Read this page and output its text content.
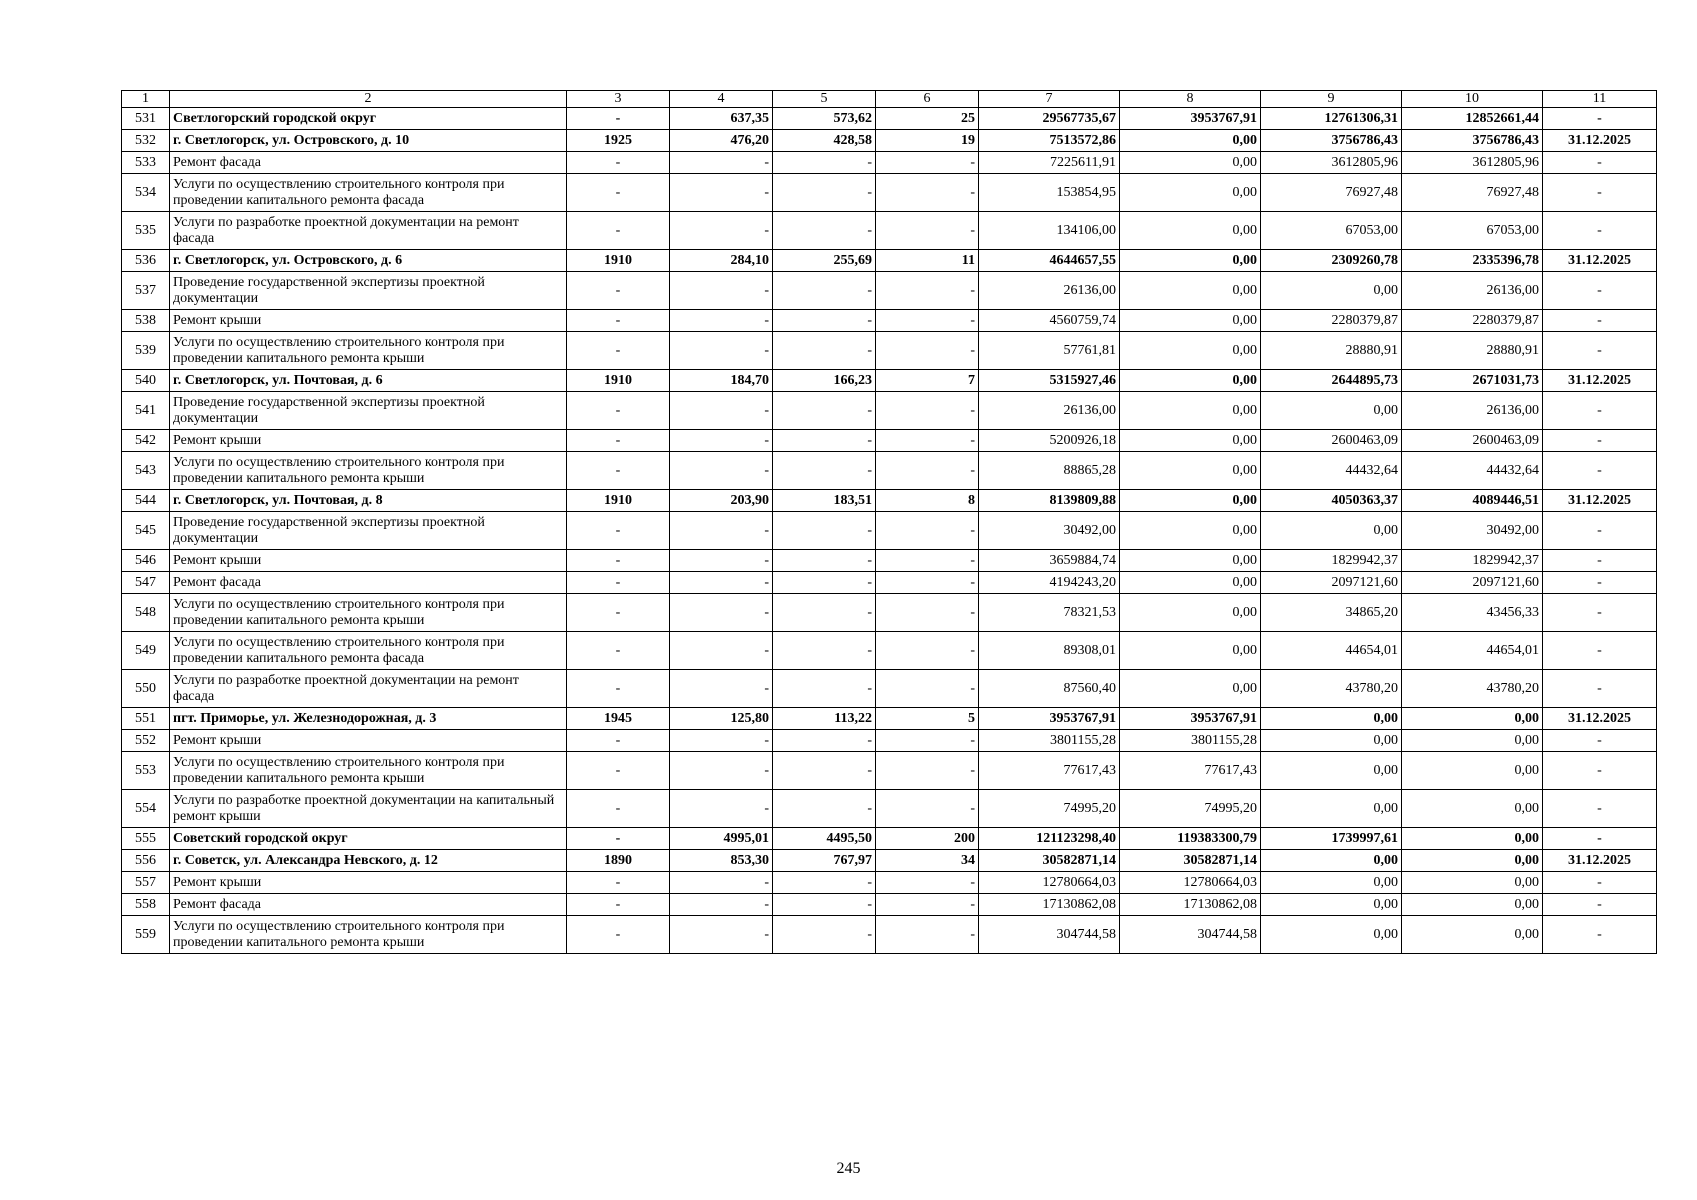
1	2	3	4	5	6	7	8	9	10	11
531	Светлогорский городской округ	-	637,35	573,62	25	29567735,67	3953767,91	12761306,31	12852661,44	-
532	г. Светлогорск, ул. Островского, д. 10	1925	476,20	428,58	19	7513572,86	0,00	3756786,43	3756786,43	31.12.2025
533	Ремонт фасада	-	-	-	-	7225611,91	0,00	3612805,96	3612805,96	-
534	Услуги по осуществлению строительного контроля при проведении капитального ремонта фасада	-	-	-	-	153854,95	0,00	76927,48	76927,48	-
535	Услуги по разработке проектной документации на ремонт фасада	-	-	-	-	134106,00	0,00	67053,00	67053,00	-
536	г. Светлогорск, ул. Островского, д. 6	1910	284,10	255,69	11	4644657,55	0,00	2309260,78	2335396,78	31.12.2025
537	Проведение государственной экспертизы проектной документации	-	-	-	-	26136,00	0,00	0,00	26136,00	-
538	Ремонт крыши	-	-	-	-	4560759,74	0,00	2280379,87	2280379,87	-
539	Услуги по осуществлению строительного контроля при проведении капитального ремонта крыши	-	-	-	-	57761,81	0,00	28880,91	28880,91	-
540	г. Светлогорск, ул. Почтовая, д. 6	1910	184,70	166,23	7	5315927,46	0,00	2644895,73	2671031,73	31.12.2025
541	Проведение государственной экспертизы проектной документации	-	-	-	-	26136,00	0,00	0,00	26136,00	-
542	Ремонт крыши	-	-	-	-	5200926,18	0,00	2600463,09	2600463,09	-
543	Услуги по осуществлению строительного контроля при проведении капитального ремонта крыши	-	-	-	-	88865,28	0,00	44432,64	44432,64	-
544	г. Светлогорск, ул. Почтовая, д. 8	1910	203,90	183,51	8	8139809,88	0,00	4050363,37	4089446,51	31.12.2025
545	Проведение государственной экспертизы проектной документации	-	-	-	-	30492,00	0,00	0,00	30492,00	-
546	Ремонт крыши	-	-	-	-	3659884,74	0,00	1829942,37	1829942,37	-
547	Ремонт фасада	-	-	-	-	4194243,20	0,00	2097121,60	2097121,60	-
548	Услуги по осуществлению строительного контроля при проведении капитального ремонта крыши	-	-	-	-	78321,53	0,00	34865,20	43456,33	-
549	Услуги по осуществлению строительного контроля при проведении капитального ремонта фасада	-	-	-	-	89308,01	0,00	44654,01	44654,01	-
550	Услуги по разработке проектной документации на ремонт фасада	-	-	-	-	87560,40	0,00	43780,20	43780,20	-
551	пгт. Приморье, ул. Железнодорожная, д. 3	1945	125,80	113,22	5	3953767,91	3953767,91	0,00	0,00	31.12.2025
552	Ремонт крыши	-	-	-	-	3801155,28	3801155,28	0,00	0,00	-
553	Услуги по осуществлению строительного контроля при проведении капитального ремонта крыши	-	-	-	-	77617,43	77617,43	0,00	0,00	-
554	Услуги по разработке проектной документации на капитальный ремонт крыши	-	-	-	-	74995,20	74995,20	0,00	0,00	-
555	Советский городской округ	-	4995,01	4495,50	200	121123298,40	119383300,79	1739997,61	0,00	-
556	г. Советск, ул. Александра Невского, д. 12	1890	853,30	767,97	34	30582871,14	30582871,14	0,00	0,00	31.12.2025
557	Ремонт крыши	-	-	-	-	12780664,03	12780664,03	0,00	0,00	-
558	Ремонт фасада	-	-	-	-	17130862,08	17130862,08	0,00	0,00	-
559	Услуги по осуществлению строительного контроля при проведении капитального ремонта крыши	-	-	-	-	304744,58	304744,58	0,00	0,00	-
245
